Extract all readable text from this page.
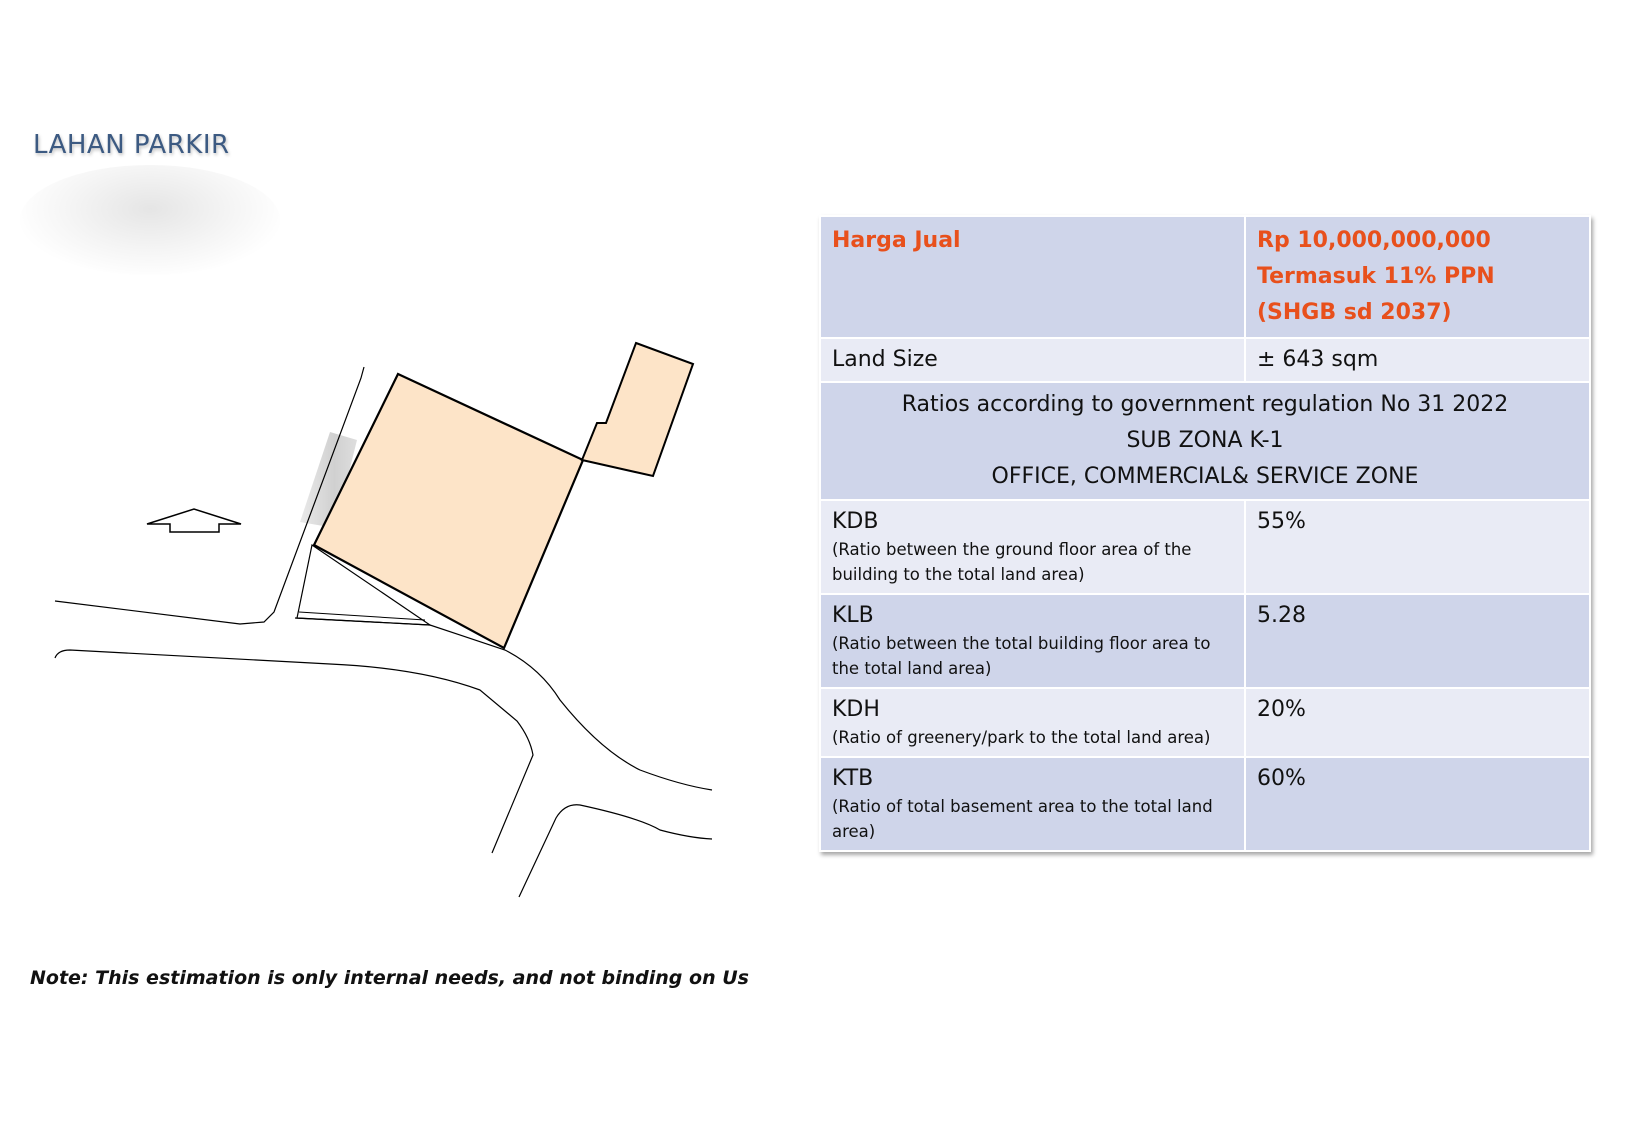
LAHAN PARKIR
Harga Jual	Rp 10,000,000,000
Termasuk 11% PPN
(SHGB sd 2037)

Land Size	± 643 sqm

Ratios according to government regulation No 31 2022
SUB ZONA K-1
OFFICE, COMMERCIAL& SERVICE ZONE	

KDB
(Ratio between the ground floor area of the building to the total land area)	55%

KLB
(Ratio between the total building floor area to the total land area)	5.28

KDH
(Ratio of greenery/park to the total land area)	20%

KTB
(Ratio of total basement area to the total land area)	60%
Note: This estimation is only internal needs, and not binding on Us
